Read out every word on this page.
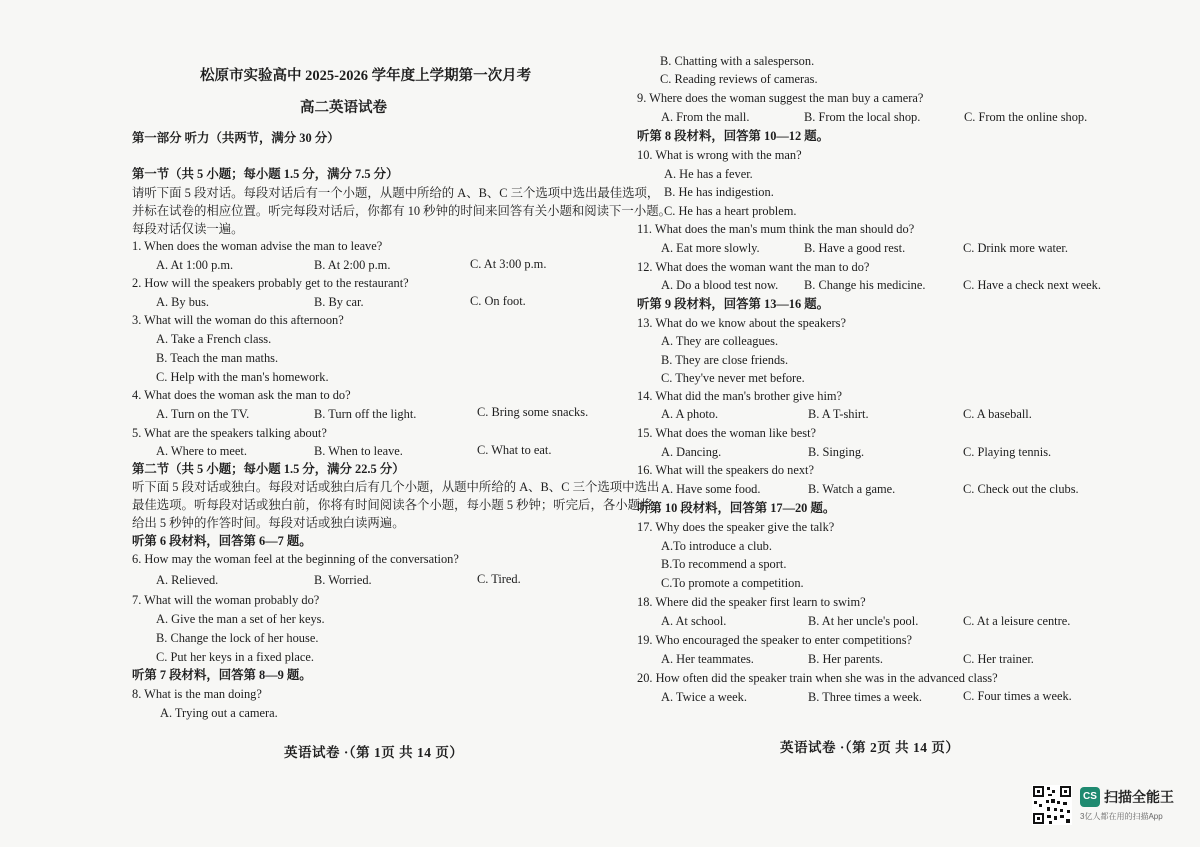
松原市实验高中 2025-2026 学年度上学期第一次月考
高二英语试卷
第一部分 听力（共两节，满分 30 分）
第一节（共 5 小题；每小题 1.5 分，满分 7.5 分）
请听下面 5 段对话。每段对话后有一个小题，从题中所给的 A、B、C 三个选项中选出最佳选项，
并标在试卷的相应位置。听完每段对话后，你都有 10 秒钟的时间来回答有关小题和阅读下一小题。
每段对话仅读一遍。
1. When does the woman advise the man to leave?
A. At 1:00 p.m.	B. At 2:00 p.m.	C. At 3:00 p.m.
2. How will the speakers probably get to the restaurant?
A. By bus.	B. By car.	C. On foot.
3. What will the woman do this afternoon?
A. Take a French class.
B. Teach the man maths.
C. Help with the man's homework.
4. What does the woman ask the man to do?
A. Turn on the TV.	B. Turn off the light.	C. Bring some snacks.
5. What are the speakers talking about?
A. Where to meet.	B. When to leave.	C. What to eat.
第二节（共 5 小题；每小题 1.5 分，满分 22.5 分）
听下面 5 段对话或独白。每段对话或独白后有几个小题，从题中所给的 A、B、C 三个选项中选出
最佳选项。听每段对话或独白前，你将有时间阅读各个小题，每小题 5 秒钟；听完后，各小题将
给出 5 秒钟的作答时间。每段对话或独白读两遍。
听第 6 段材料，回答第 6—7 题。
6. How may the woman feel at the beginning of the conversation?
A. Relieved.	B. Worried.	C. Tired.
7. What will the woman probably do?
A. Give the man a set of her keys.
B. Change the lock of her house.
C. Put her keys in a fixed place.
听第 7 段材料，回答第 8—9 题。
8. What is the man doing?
A. Trying out a camera.
英语试卷 ·（第 1页 共 14 页）
B. Chatting with a salesperson.
C. Reading reviews of cameras.
9. Where does the woman suggest the man buy a camera?
A. From the mall.	B. From the local shop.	C. From the online shop.
听第 8 段材料，回答第 10—12 题。
10. What is wrong with the man?
A. He has a fever.
B. He has indigestion.
C. He has a heart problem.
11. What does the man's mum think the man should do?
A. Eat more slowly.	B. Have a good rest.	C. Drink more water.
12. What does the woman want the man to do?
A. Do a blood test now. B. Change his medicine.	C. Have a check next week.
听第 9 段材料，回答第 13—16 题。
13. What do we know about the speakers?
A. They are colleagues.
B. They are close friends.
C. They've never met before.
14. What did the man's brother give him?
A. A photo.	B. A T-shirt.	C. A baseball.
15. What does the woman like best?
A. Dancing.	B. Singing.	C. Playing tennis.
16. What will the speakers do next?
A. Have some food.	B. Watch a game.	C. Check out the clubs.
听第 10 段材料，回答第 17—20 题。
17. Why does the speaker give the talk?
A.To introduce a club.
B.To recommend a sport.
C.To promote a competition.
18. Where did the speaker first learn to swim?
A. At school.	B. At her uncle's pool.	C. At a leisure centre.
19. Who encouraged the speaker to enter competitions?
A. Her teammates.	B. Her parents.	C. Her trainer.
20. How often did the speaker train when she was in the advanced class?
A. Twice a week.	B. Three times a week.	C. Four times a week.
英语试卷 ·（第 2页 共 14 页）
CS 扫描全能王
3亿人都在用的扫描App
